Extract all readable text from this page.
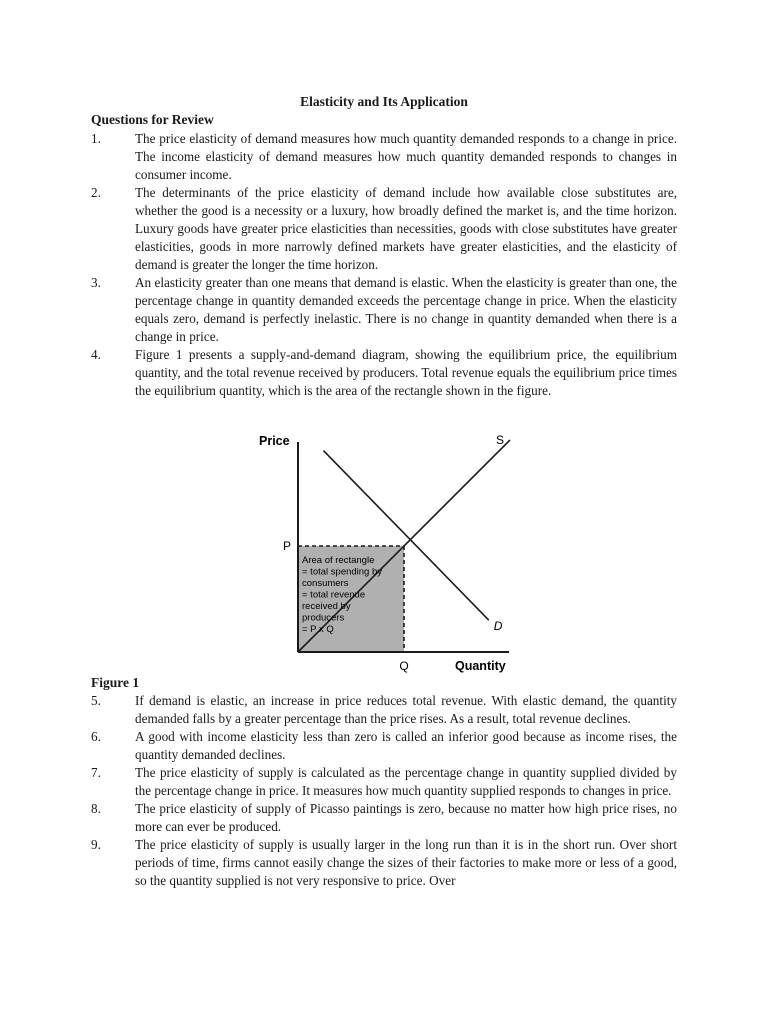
Elasticity and Its Application
Questions for Review
1.	The price elasticity of demand measures how much quantity demanded responds to a change in price. The income elasticity of demand measures how much quantity demanded responds to changes in consumer income.
2.	The determinants of the price elasticity of demand include how available close substitutes are, whether the good is a necessity or a luxury, how broadly defined the market is, and the time horizon. Luxury goods have greater price elasticities than necessities, goods with close substitutes have greater elasticities, goods in more narrowly defined markets have greater elasticities, and the elasticity of demand is greater the longer the time horizon.
3.	An elasticity greater than one means that demand is elastic. When the elasticity is greater than one, the percentage change in quantity demanded exceeds the percentage change in price. When the elasticity equals zero, demand is perfectly inelastic. There is no change in quantity demanded when there is a change in price.
4.	Figure 1 presents a supply-and-demand diagram, showing the equilibrium price, the equilibrium quantity, and the total revenue received by producers. Total revenue equals the equilibrium price times the equilibrium quantity, which is the area of the rectangle shown in the figure.
Price
Quantity
P
Q
S
D
Area of rectangle
= total spending by
consumers
= total revenue
received by
producers
= P x Q
Figure 1
5.	If demand is elastic, an increase in price reduces total revenue. With elastic demand, the quantity demanded falls by a greater percentage than the price rises. As a result, total revenue declines.
6.	A good with income elasticity less than zero is called an inferior good because as income rises, the quantity demanded declines.
7.	The price elasticity of supply is calculated as the percentage change in quantity supplied divided by the percentage change in price. It measures how much quantity supplied responds to changes in price.
8.	The price elasticity of supply of Picasso paintings is zero, because no matter how high price rises, no more can ever be produced.
9.	The price elasticity of supply is usually larger in the long run than it is in the short run. Over short periods of time, firms cannot easily change the sizes of their factories to make more or less of a good, so the quantity supplied is not very responsive to price. Over
